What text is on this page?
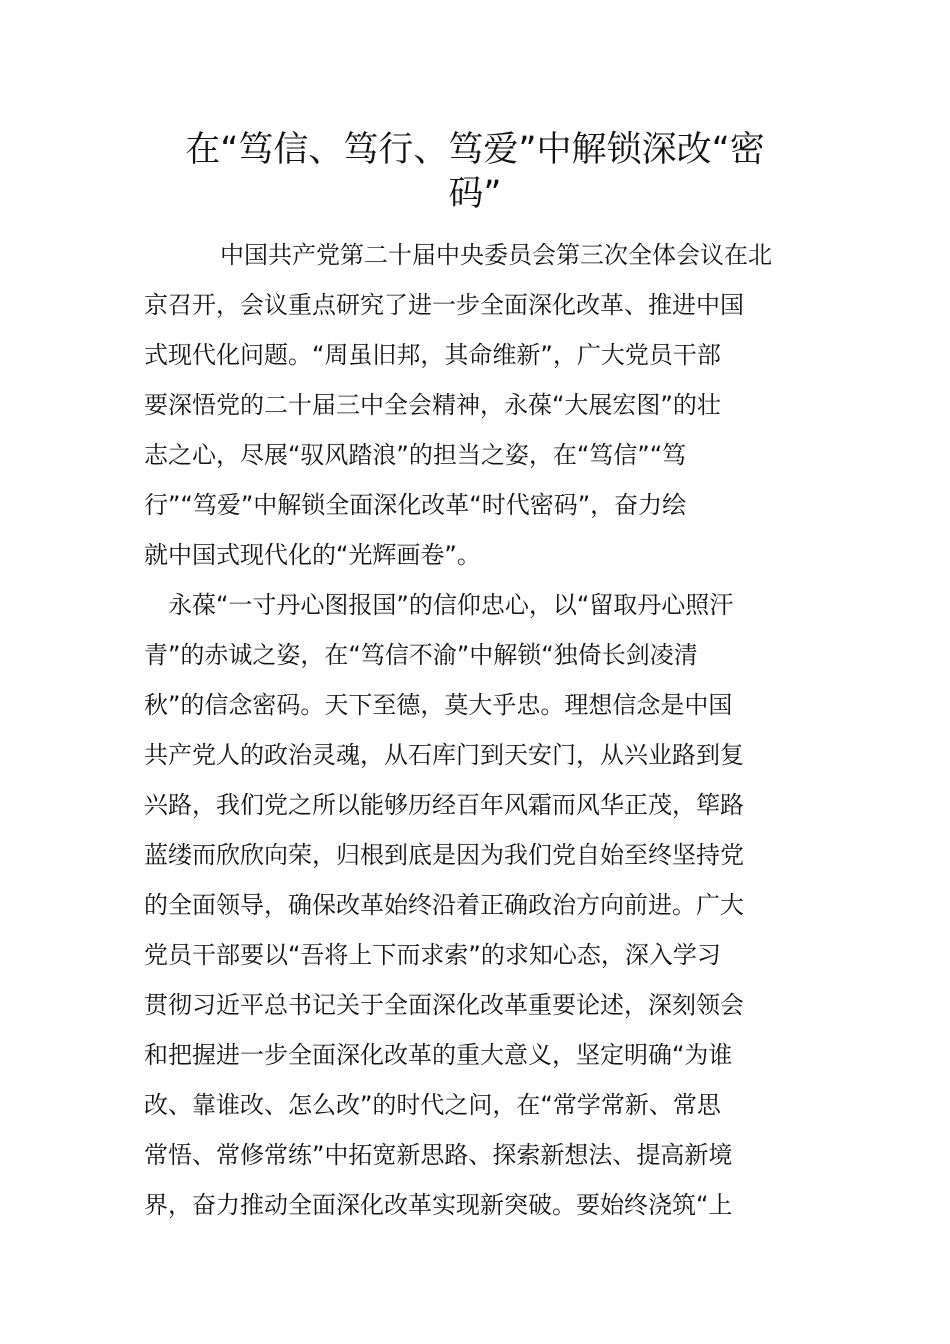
在“笃信、笃行、笃爱”中解锁深改“密
码”
中国共产党第二十届中央委员会第三次全体会议在北
京召开，会议重点研究了进一步全面深化改革、推进中国
式现代化问题。“周虽旧邦，其命维新”，广大党员干部
要深悟党的二十届三中全会精神，永葆“大展宏图”的壮
志之心，尽展“驭风踏浪”的担当之姿，在“笃信”“笃
行”“笃爱”中解锁全面深化改革“时代密码”，奋力绘
就中国式现代化的“光辉画卷”。
永葆“一寸丹心图报国”的信仰忠心，以“留取丹心照汗
青”的赤诚之姿，在“笃信不渝”中解锁“独倚长剑凌清
秋”的信念密码。天下至德，莫大乎忠。理想信念是中国
共产党人的政治灵魂，从石库门到天安门，从兴业路到复
兴路，我们党之所以能够历经百年风霜而风华正茂，筚路
蓝缕而欣欣向荣，归根到底是因为我们党自始至终坚持党
的全面领导，确保改革始终沿着正确政治方向前进。广大
党员干部要以“吾将上下而求索”的求知心态，深入学习
贯彻习近平总书记关于全面深化改革重要论述，深刻领会
和把握进一步全面深化改革的重大意义，坚定明确“为谁
改、靠谁改、怎么改”的时代之问，在“常学常新、常思
常悟、常修常练”中拓宽新思路、探索新想法、提高新境
界，奋力推动全面深化改革实现新突破。要始终浇筑“上
